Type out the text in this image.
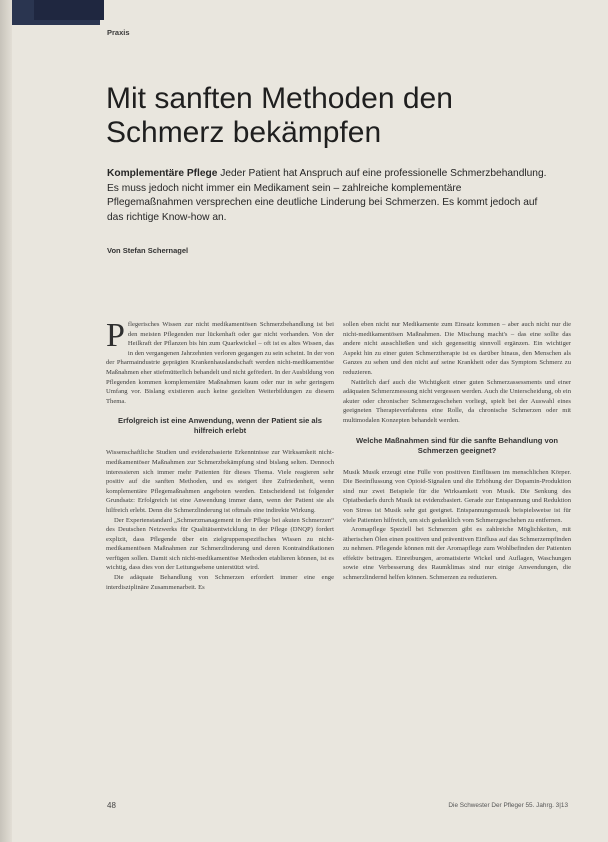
Praxis
Mit sanften Methoden den
Schmerz bekämpfen

Komplementäre Pflege Jeder Patient hat Anspruch auf eine professionelle Schmerzbehandlung. Es muss jedoch nicht immer ein Medikament sein – zahlreiche komplementäre Pflegemaßnahmen versprechen eine deutliche Linderung bei Schmerzen. Es kommt jedoch auf das richtige Know-how an.

Von Stefan Schernagel

Pflegerisches Wissen zur nicht medikamentösen Schmerzbehandlung ist bei den meisten Pflegenden nur lückenhaft oder gar nicht vorhanden. Von der Heilkraft der Pflanzen bis hin zum Quarkwickel – oft ist es altes Wissen, das in den vergangenen Jahrzehnten verloren gegangen zu sein scheint. In der von der Pharmaindustrie geprägten Krankenhauslandschaft werden nicht-medikamentöse Maßnahmen eher stiefmütterlich behandelt und nicht gefördert. In der Ausbildung von Pflegenden kommen komplementäre Maßnahmen kaum oder nur in sehr geringem Umfang vor. Bislang existieren auch keine gezielten Weiterbildungen zu diesem Thema.

Erfolgreich ist eine Anwendung, wenn der Patient sie als hilfreich erlebt

Wissenschaftliche Studien und evidenzbasierte Erkenntnisse zur Wirksamkeit nicht-medikamentöser Maßnahmen zur Schmerzbekämpfung sind bislang selten. Dennoch interessieren sich immer mehr Patienten für dieses Thema. Viele reagieren sehr positiv auf die sanften Methoden, und es steigert ihre Zufriedenheit, wenn komplementäre Pflegemaßnahmen angeboten werden. Entscheidend ist folgender Grundsatz: Erfolgreich ist eine Anwendung immer dann, wenn der Patient sie als hilfreich erlebt. Denn die Schmerzlinderung ist oftmals eine indirekte Wirkung.

Der Expertenstandard „Schmerzmanagement in der Pflege bei akuten Schmerzen“ des Deutschen Netzwerks für Qualitätsentwicklung in der Pflege (DNQP) fordert explizit, dass Pflegende über ein zielgruppenspezifisches Wissen zu nicht-medikamentösen Maßnahmen zur Schmerzlinderung und deren Kontraindikationen verfügen sollen. Damit sich nicht-medikamentöse Methoden etablieren können, ist es wichtig, dass dies von der Leitungsebene unterstützt wird.

Die adäquate Behandlung von Schmerzen erfordert immer eine enge interdisziplinäre Zusammenarbeit. Es

sollen eben nicht nur Medikamente zum Einsatz kommen – aber auch nicht nur die nicht-medikamentösen Maßnahmen. Die Mischung macht's – das eine sollte das andere nicht ausschließen und sich gegenseitig sinnvoll ergänzen. Ein wichtiger Aspekt hin zu einer guten Schmerztherapie ist es darüber hinaus, den Menschen als Ganzes zu sehen und den nicht auf seine Krankheit oder das Symptom Schmerz zu reduzieren.

Natürlich darf auch die Wichtigkeit einer guten Schmerzassessments und einer adäquaten Schmerzmessung nicht vergessen werden. Auch die Unterscheidung, ob ein akuter oder chronischer Schmerzgeschehen vorliegt, spielt bei der Auswahl eines geeigneten Therapieverfahrens eine Rolle, da chronische Schmerzen oder mit multimodalen Konzepten behandelt werden.

Welche Maßnahmen sind für die sanfte Behandlung von Schmerzen geeignet?

Musik Musik erzeugt eine Fülle von positiven Einflüssen im menschlichen Körper. Die Beeinflussung von Opioid-Signalen und die Erhöhung der Dopamin-Produktion sind nur zwei Beispiele für die Wirksamkeit von Musik. Die Senkung des Opiatbedarfs durch Musik ist evidenzbasiert. Gerade zur Entspannung und Reduktion von Stress ist Musik sehr gut geeignet. Entspannungsmusik beispielsweise ist für viele Patienten hilfreich, um sich gedanklich vom Schmerzgeschehen zu entfernen.

Aromapflege Speziell bei Schmerzen gibt es zahlreiche Möglichkeiten, mit ätherischen Ölen einen positiven und präventiven Einfluss auf das Schmerzempfinden zu nehmen. Pflegende können mit der Aromapflege zum Wohlbefinden der Patienten effektiv beitragen. Einreibungen, aromatisierte Wickel und Auflagen, Waschungen sowie eine Verbesserung des Raumklimas sind nur einige Anwendungen, die schmerzlindernd helfen können. Schmerzen zu reduzieren.

48	Die Schwester Der Pfleger 55. Jahrg. 3|13
